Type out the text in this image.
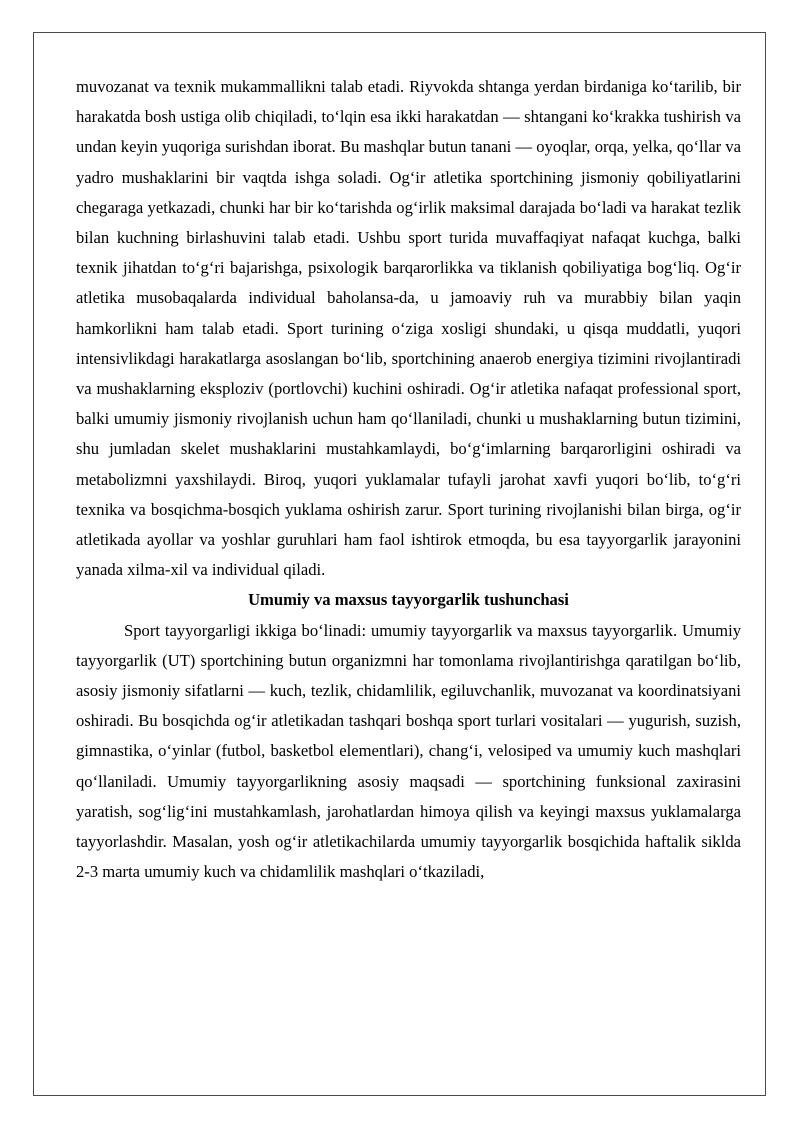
muvozanat va texnik mukammallikni talab etadi. Riyvokda shtanga yerdan birdaniga ko‘tarilib, bir harakatda bosh ustiga olib chiqiladi, to‘lqin esa ikki harakatdan — shtangani ko‘krakka tushirish va undan keyin yuqoriga surishdan iborat. Bu mashqlar butun tanani — oyoqlar, orqa, yelka, qo‘llar va yadro mushaklarini bir vaqtda ishga soladi. Og‘ir atletika sportchining jismoniy qobiliyatlarini chegaraga yetkazadi, chunki har bir ko‘tarishda og‘irlik maksimal darajada bo‘ladi va harakat tezlik bilan kuchning birlashuvini talab etadi. Ushbu sport turida muvaffaqiyat nafaqat kuchga, balki texnik jihatdan to‘g‘ri bajarishga, psixologik barqarorlikka va tiklanish qobiliyatiga bog‘liq. Og‘ir atletika musobaqalarda individual baholansa-da, u jamoaviy ruh va murabbiy bilan yaqin hamkorlikni ham talab etadi. Sport turining o‘ziga xosligi shundaki, u qisqa muddatli, yuqori intensivlikdagi harakatlarga asoslangan bo‘lib, sportchining anaerob energiya tizimini rivojlantiradi va mushaklarning eksploziv (portlovchi) kuchini oshiradi. Og‘ir atletika nafaqat professional sport, balki umumiy jismoniy rivojlanish uchun ham qo‘llaniladi, chunki u mushaklarning butun tizimini, shu jumladan skelet mushaklarini mustahkamlaydi, bo‘g‘imlarning barqarorligini oshiradi va metabolizmni yaxshilaydi. Biroq, yuqori yuklamalar tufayli jarohat xavfi yuqori bo‘lib, to‘g‘ri texnika va bosqichma-bosqich yuklama oshirish zarur. Sport turining rivojlanishi bilan birga, og‘ir atletikada ayollar va yoshlar guruhlari ham faol ishtirok etmoqda, bu esa tayyorgarlik jarayonini yanada xilma-xil va individual qiladi.

Umumiy va maxsus tayyorgarlik tushunchasi

Sport tayyorgarligi ikkiga bo‘linadi: umumiy tayyorgarlik va maxsus tayyorgarlik. Umumiy tayyorgarlik (UT) sportchining butun organizmni har tomonlama rivojlantirishga qaratilgan bo‘lib, asosiy jismoniy sifatlarni — kuch, tezlik, chidamlilik, egiluvchanlik, muvozanat va koordinatsiyani oshiradi. Bu bosqichda og‘ir atletikadan tashqari boshqa sport turlari vositalari — yugurish, suzish, gimnastika, o‘yinlar (futbol, basketbol elementlari), chang‘i, velosiped va umumiy kuch mashqlari qo‘llaniladi. Umumiy tayyorgarlikning asosiy maqsadi — sportchining funksional zaxirasini yaratish, sog‘lig‘ini mustahkamlash, jarohatlardan himoya qilish va keyingi maxsus yuklamalarga tayyorlashdir. Masalan, yosh og‘ir atletikachilarda umumiy tayyorgarlik bosqichida haftalik siklda 2-3 marta umumiy kuch va chidamlilik mashqlari o‘tkaziladi,
